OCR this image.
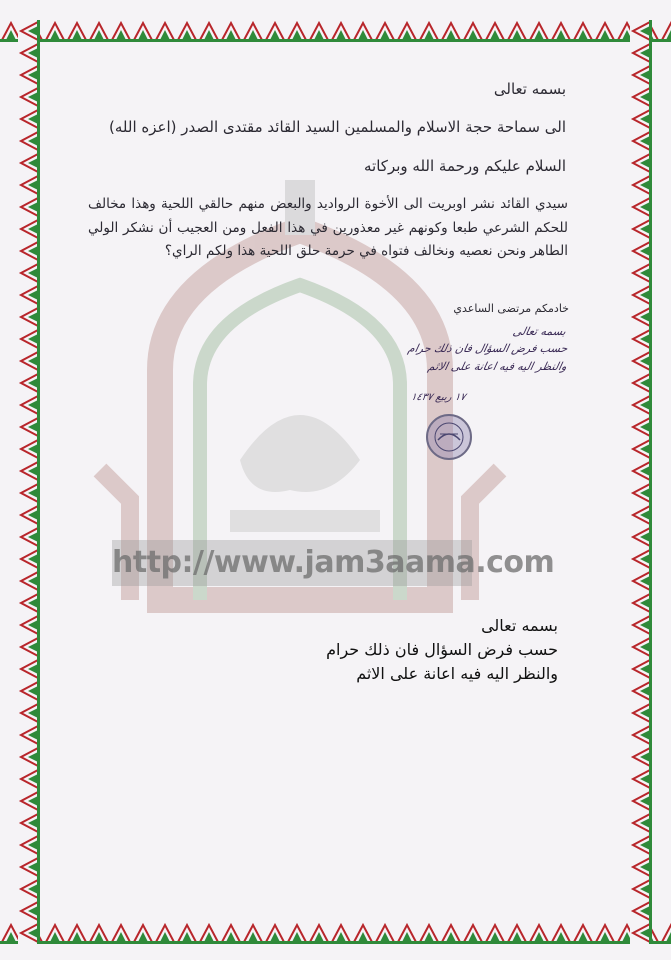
http://www.jam3aama.com
بسمه تعالى
الى سماحة حجة الاسلام والمسلمين السيد القائد مقتدى الصدر (اعزه الله)
السلام عليكم ورحمة الله وبركاته
سيدي القائد نشر اوبريت الى الأخوة الرواديد والبعض منهم حالقي اللحية وهذا مخالف للحكم الشرعي طبعا وكونهم غير معذورين في هذا الفعل ومن العجيب أن نشكر الولي الطاهر ونحن نعصيه ونخالف فتواه في حرمة حلق اللحية هذا ولكم الراي؟
خادمكم مرتضى الساعدي
بسمه تعالى
حسب فرض السؤال فان ذلك حرام
والنظر اليه فيه اعانة على الاثم
١٧ ربيع ١٤٣٧
بسمه تعالى
حسب فرض السؤال فان ذلك حرام
والنظر اليه فيه اعانة على الاثم
